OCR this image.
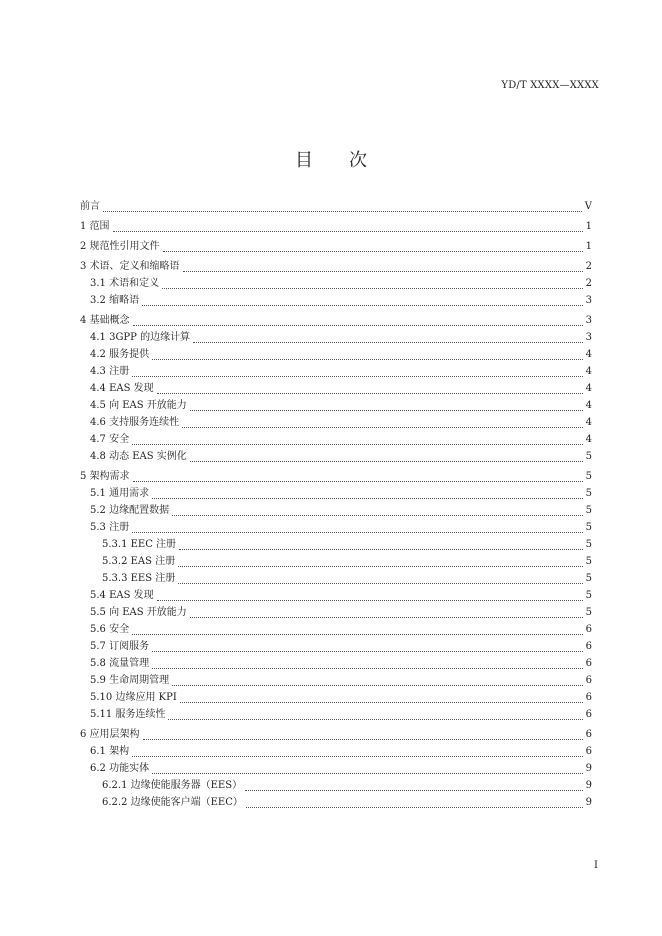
YD/T XXXX—XXXX
目　　次
前言	V
1 范围	1
2 规范性引用文件	1
3 术语、定义和缩略语	2
3.1 术语和定义	2
3.2 缩略语	3
4 基础概念	3
4.1 3GPP 的边缘计算	3
4.2 服务提供	4
4.3 注册	4
4.4 EAS 发现	4
4.5 向 EAS 开放能力	4
4.6 支持服务连续性	4
4.7 安全	4
4.8 动态 EAS 实例化	5
5 架构需求	5
5.1 通用需求	5
5.2 边缘配置数据	5
5.3 注册	5
5.3.1 EEC 注册	5
5.3.2 EAS 注册	5
5.3.3 EES 注册	5
5.4 EAS 发现	5
5.5 向 EAS 开放能力	5
5.6 安全	6
5.7 订阅服务	6
5.8 流量管理	6
5.9 生命周期管理	6
5.10 边缘应用 KPI	6
5.11 服务连续性	6
6 应用层架构	6
6.1 架构	6
6.2 功能实体	9
6.2.1 边缘使能服务器（EES）	9
6.2.2 边缘使能客户端（EEC）	9
I
